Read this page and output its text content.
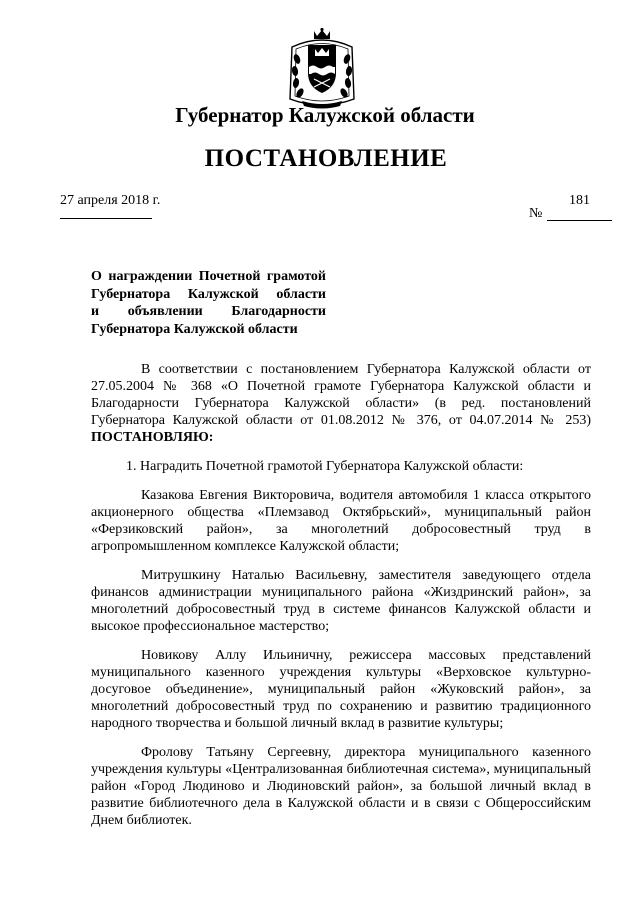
Губернатор Калужской области
ПОСТАНОВЛЕНИЕ
27 апреля 2018 г.	181
№
О награждении Почетной грамотой
Губернатора Калужской области
и объявлении Благодарности
Губернатора Калужской области
В соответствии с постановлением Губернатора Калужской области от 27.05.2004 № 368 «О Почетной грамоте Губернатора Калужской области и Благодарности Губернатора Калужской области» (в ред. постановлений Губернатора Калужской области от 01.08.2012 № 376, от 04.07.2014 № 253) ПОСТАНОВЛЯЮ:

1. Наградить Почетной грамотой Губернатора Калужской области:

Казакова Евгения Викторовича, водителя автомобиля 1 класса открытого акционерного общества «Племзавод Октябрьский», муниципальный район «Ферзиковский район», за многолетний добросовестный труд в агропромышленном комплексе Калужской области;

Митрушкину Наталью Васильевну, заместителя заведующего отдела финансов администрации муниципального района «Жиздринский район», за многолетний добросовестный труд в системе финансов Калужской области и высокое профессиональное мастерство;

Новикову Аллу Ильиничну, режиссера массовых представлений муниципального казенного учреждения культуры «Верховское культурно-досуговое объединение», муниципальный район «Жуковский район», за многолетний добросовестный труд по сохранению и развитию традиционного народного творчества и большой личный вклад в развитие культуры;

Фролову Татьяну Сергеевну, директора муниципального казенного учреждения культуры «Централизованная библиотечная система», муниципальный район «Город Людиново и Людиновский район», за большой личный вклад в развитие библиотечного дела в Калужской области и в связи с Общероссийским Днем библиотек.
